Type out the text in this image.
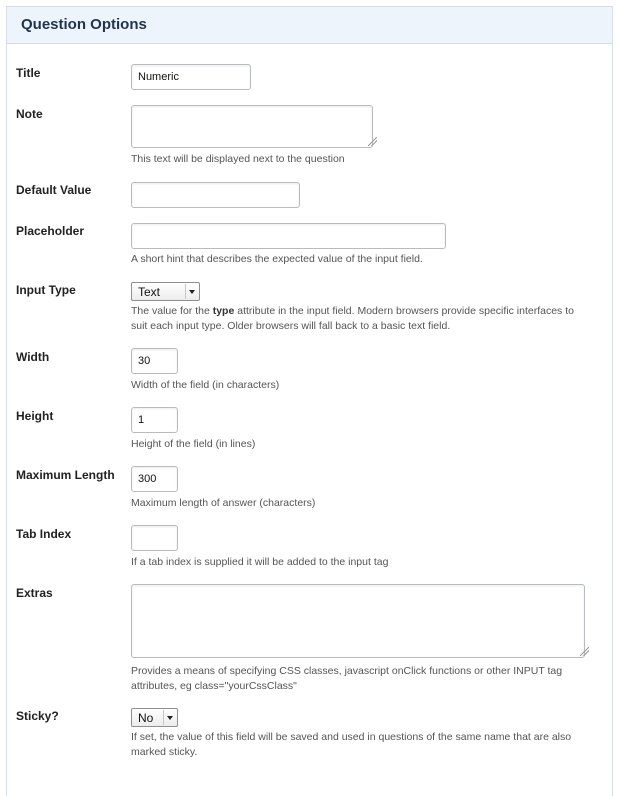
Question Options
Title	Numeric
Note
This text will be displayed next to the question
Default Value
Placeholder
A short hint that describes the expected value of the input field.
Input Type	Text
The value for the type attribute in the input field. Modern browsers provide specific interfaces to suit each input type. Older browsers will fall back to a basic text field.
Width	30
Width of the field (in characters)
Height	1
Height of the field (in lines)
Maximum Length	300
Maximum length of answer (characters)
Tab Index
If a tab index is supplied it will be added to the input tag
Extras
Provides a means of specifying CSS classes, javascript onClick functions or other INPUT tag attributes, eg class="yourCssClass"
Sticky?	No
If set, the value of this field will be saved and used in questions of the same name that are also marked sticky.
